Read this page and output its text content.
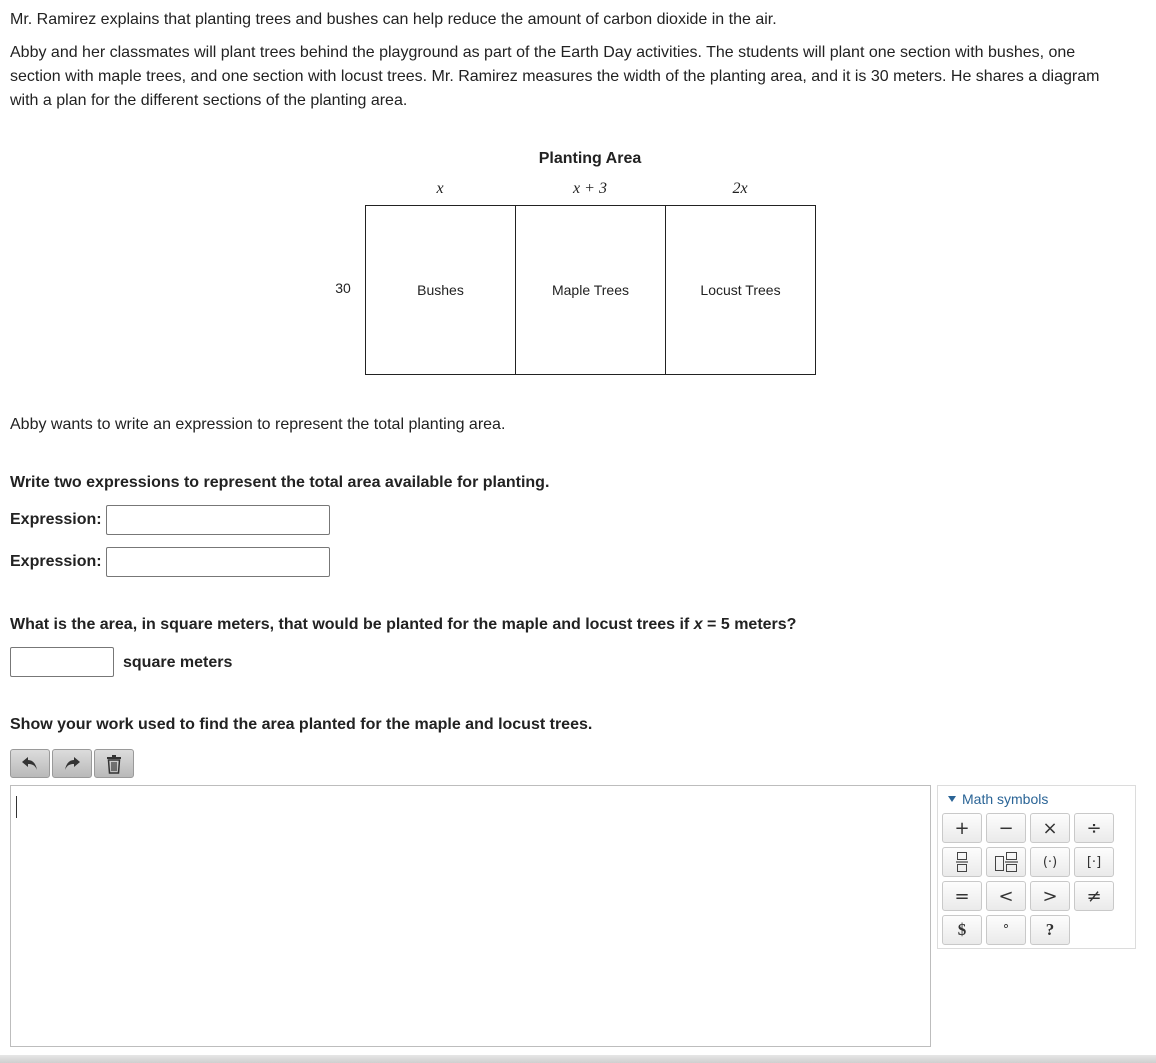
Mr. Ramirez explains that planting trees and bushes can help reduce the amount of carbon dioxide in the air.

Abby and her classmates will plant trees behind the playground as part of the Earth Day activities. The students will plant one section with bushes, one section with maple trees, and one section with locust trees. Mr. Ramirez measures the width of the planting area, and it is 30 meters. He shares a diagram with a plan for the different sections of the planting area.

Planting Area
x	x + 3	2x
30	Bushes	Maple Trees	Locust Trees
Abby wants to write an expression to represent the total planting area.
Write two expressions to represent the total area available for planting.
Expression:
Expression:
What is the area, in square meters, that would be planted for the maple and locust trees if x = 5 meters?
square meters
Show your work used to find the area planted for the maple and locust trees.
Math symbols
+	−	×	÷
(·)	[·]
=	<	>	≠
$	°	?
